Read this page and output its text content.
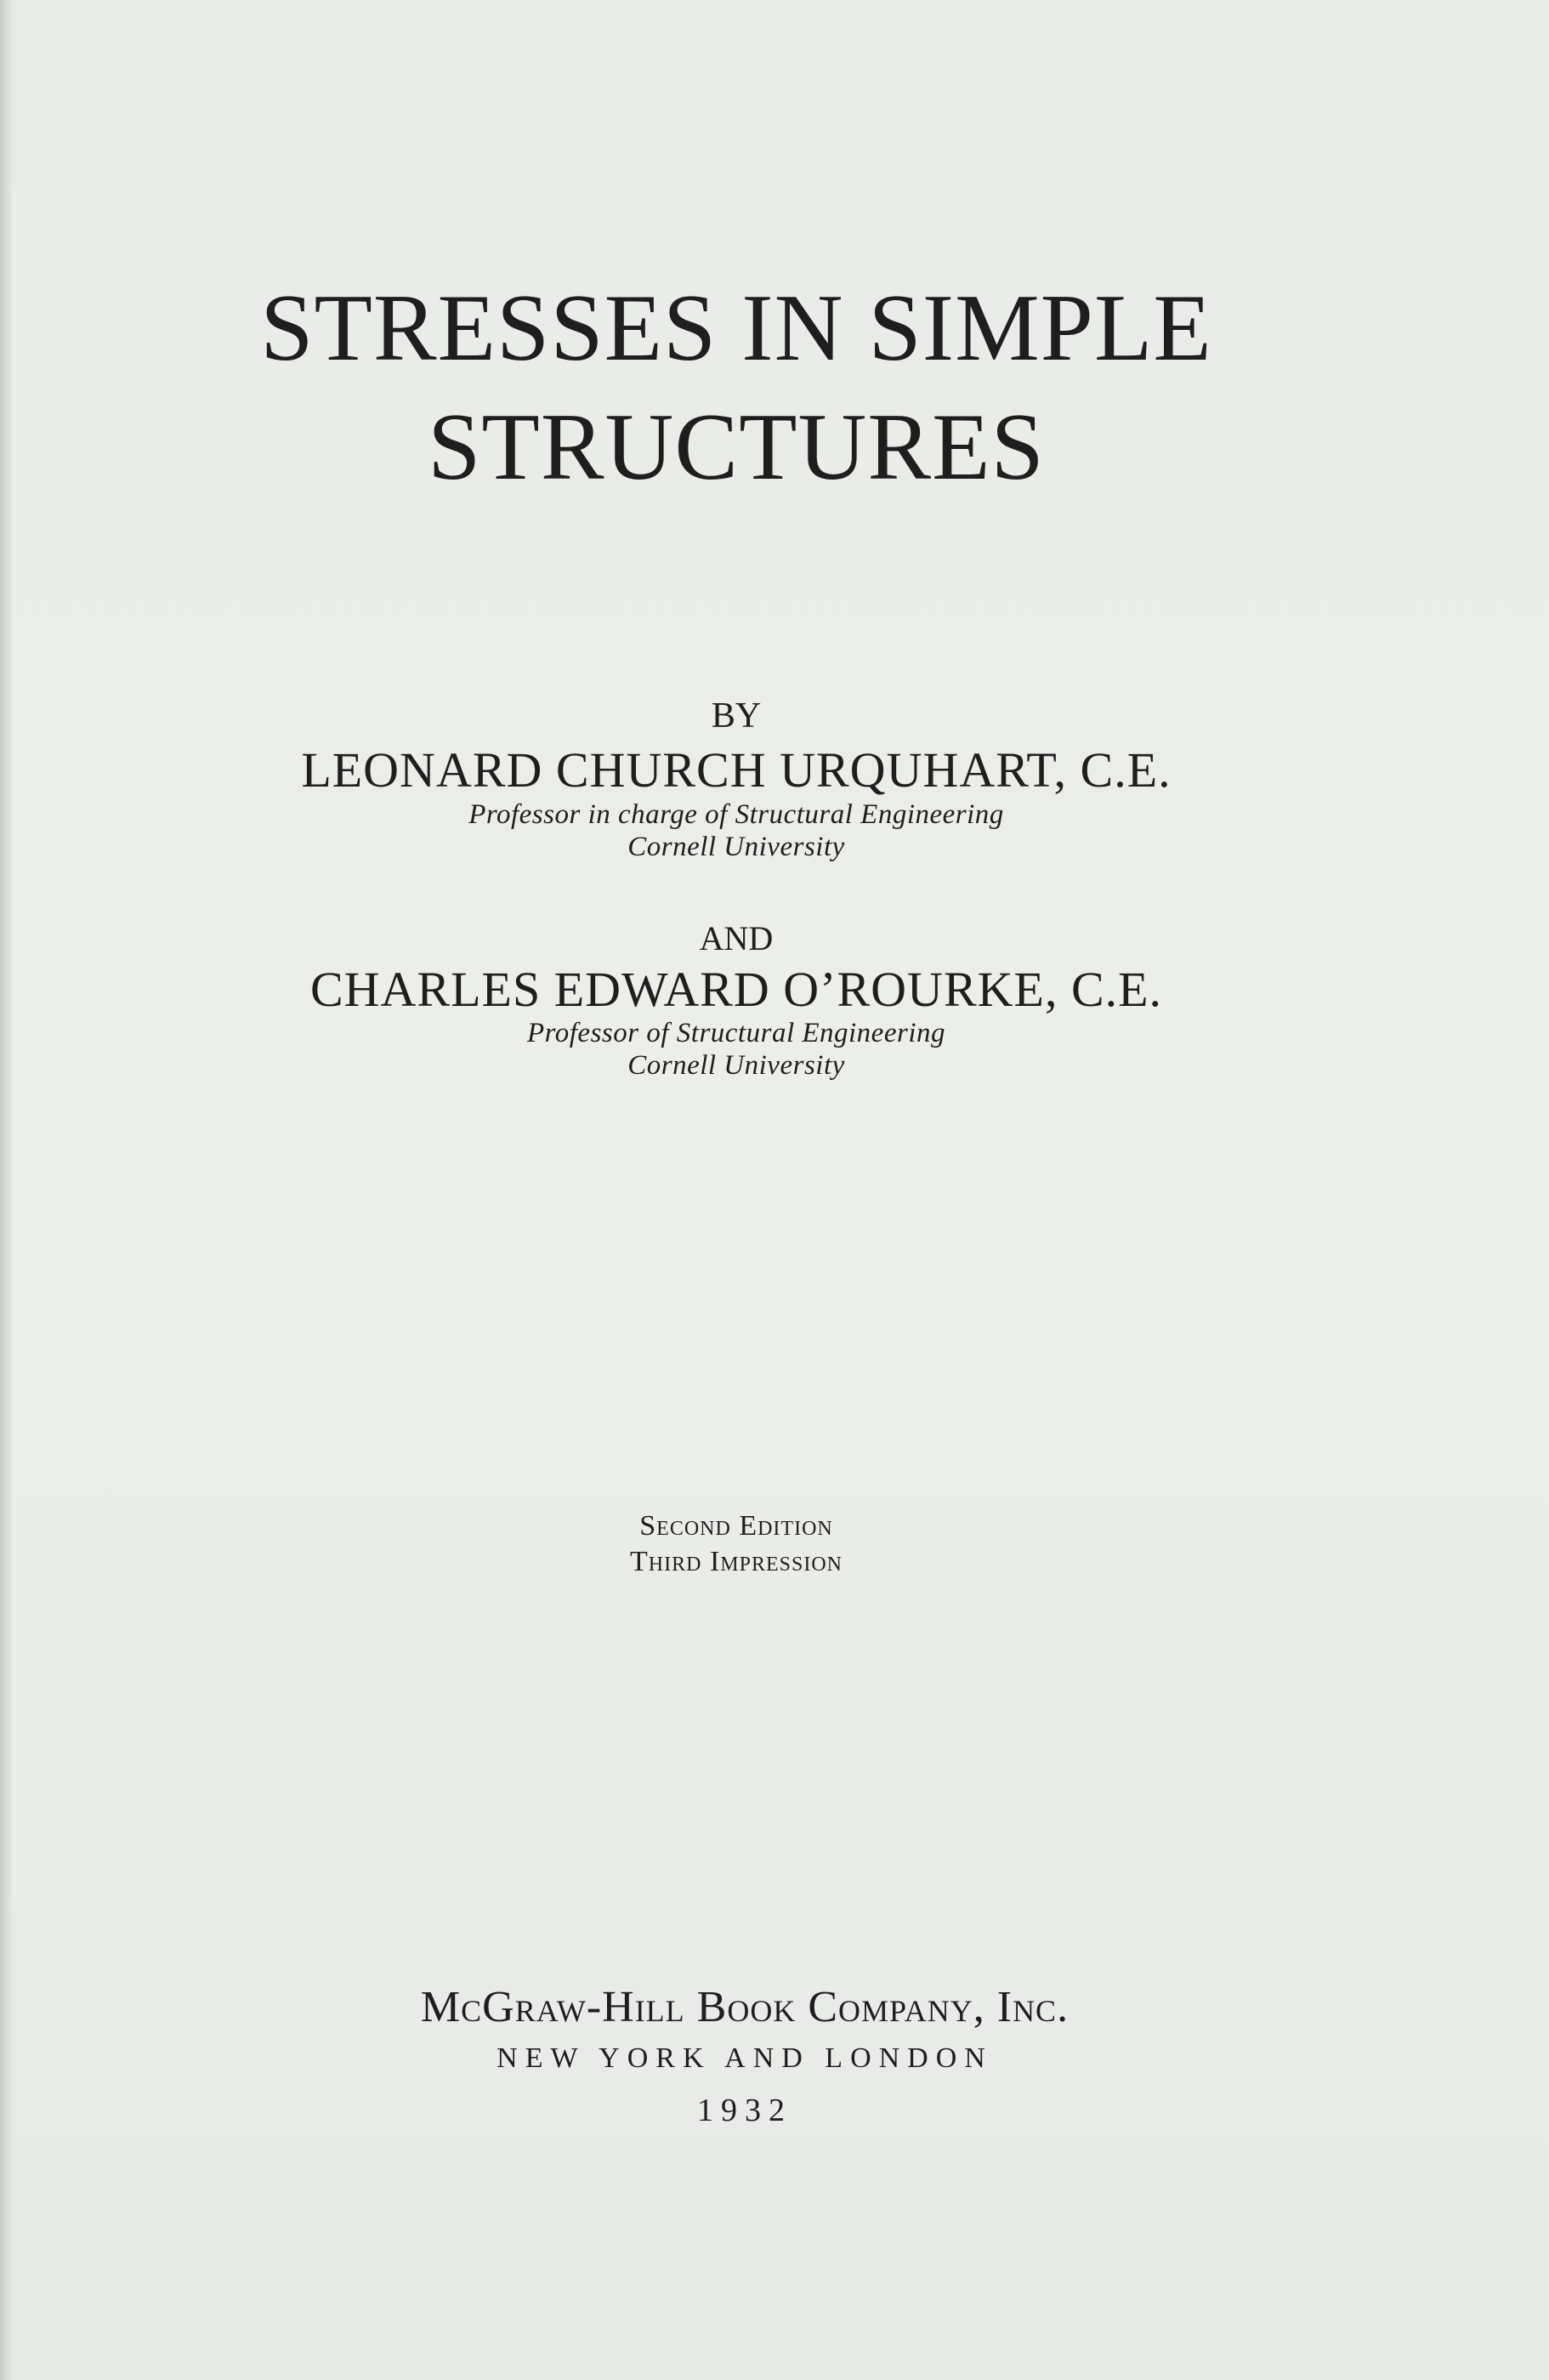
STRESSES IN SIMPLE
STRUCTURES
BY
LEONARD CHURCH URQUHART, C.E.
Professor in charge of Structural Engineering
Cornell University
AND
CHARLES EDWARD O’ROURKE, C.E.
Professor of Structural Engineering
Cornell University
Second Edition
Third Impression
McGraw-Hill Book Company, Inc.
NEW YORK AND LONDON
1932
